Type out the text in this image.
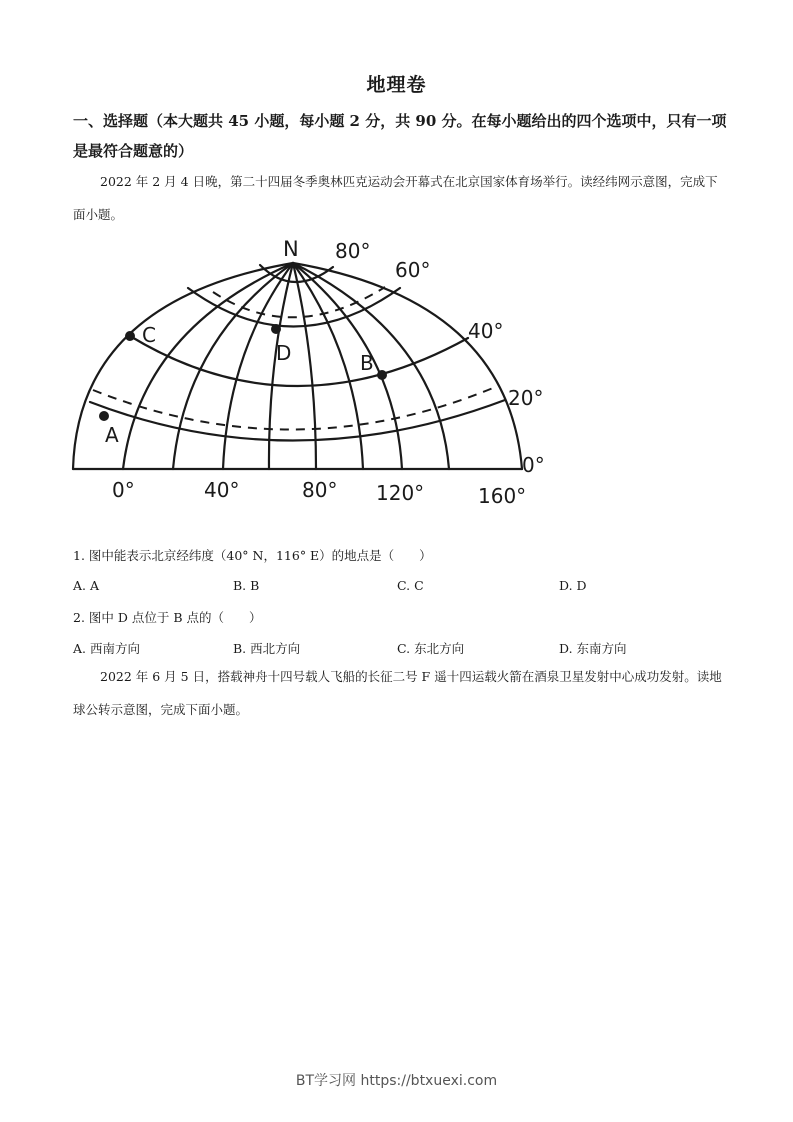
地理卷
一、选择题（本大题共 45 小题，每小题 2 分，共 90 分。在每小题给出的四个选项中，只有一项是最符合题意的）
2022 年 2 月 4 日晚，第二十四届冬季奥林匹克运动会开幕式在北京国家体育场举行。读经纬网示意图，完成下面小题。
A
B
C
D
N 80°
60°
40°
20°
0°
0°	40°	80° 120°	160°
1. 图中能表示北京经纬度（40° N，116° E）的地点是（　　）
A. A	B. B	C. C	D. D
2. 图中 D 点位于 B 点的（　　）
A. 西南方向	B. 西北方向	C. 东北方向	D. 东南方向
2022 年 6 月 5 日，搭载神舟十四号载人飞船的长征二号 F 遥十四运载火箭在酒泉卫星发射中心成功发射。读地球公转示意图，完成下面小题。
BT学习网 https://btxuexi.com
